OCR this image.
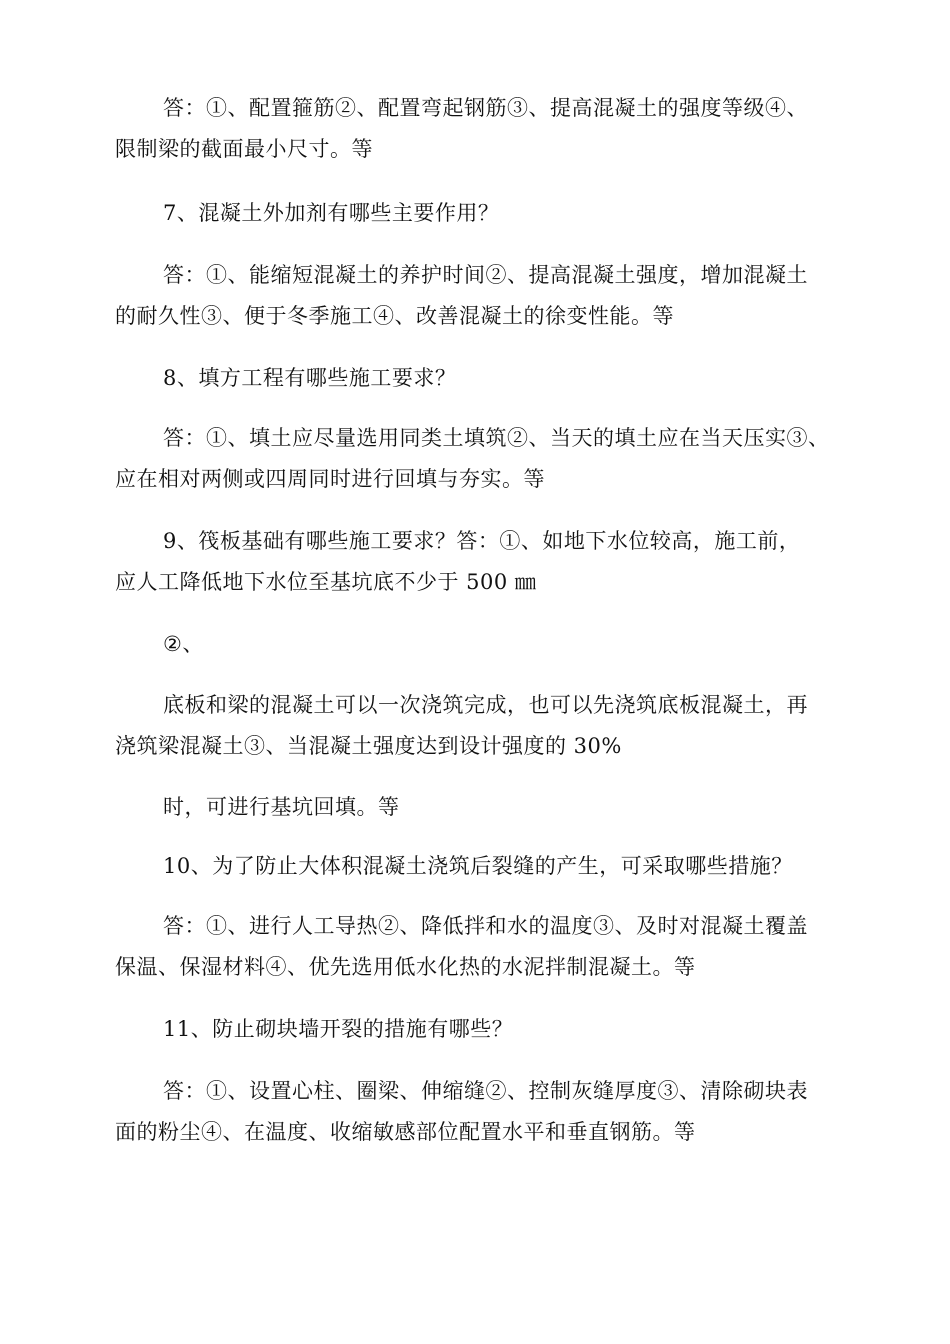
答：①、配置箍筋②、配置弯起钢筋③、提高混凝土的强度等级④、
限制梁的截面最小尺寸。等
7、混凝土外加剂有哪些主要作用？
答：①、能缩短混凝土的养护时间②、提高混凝土强度，增加混凝土
的耐久性③、便于冬季施工④、改善混凝土的徐变性能。等
8、填方工程有哪些施工要求？
答：①、填土应尽量选用同类土填筑②、当天的填土应在当天压实③、
应在相对两侧或四周同时进行回填与夯实。等
9、筏板基础有哪些施工要求？答：①、如地下水位较高，施工前，
应人工降低地下水位至基坑底不少于 500 ㎜
②、
底板和梁的混凝土可以一次浇筑完成，也可以先浇筑底板混凝土，再
浇筑梁混凝土③、当混凝土强度达到设计强度的 30%
时，可进行基坑回填。等
10、为了防止大体积混凝土浇筑后裂缝的产生，可采取哪些措施？
答：①、进行人工导热②、降低拌和水的温度③、及时对混凝土覆盖
保温、保湿材料④、优先选用低水化热的水泥拌制混凝土。等
11、防止砌块墙开裂的措施有哪些？
答：①、设置心柱、圈梁、伸缩缝②、控制灰缝厚度③、清除砌块表
面的粉尘④、在温度、收缩敏感部位配置水平和垂直钢筋。等
